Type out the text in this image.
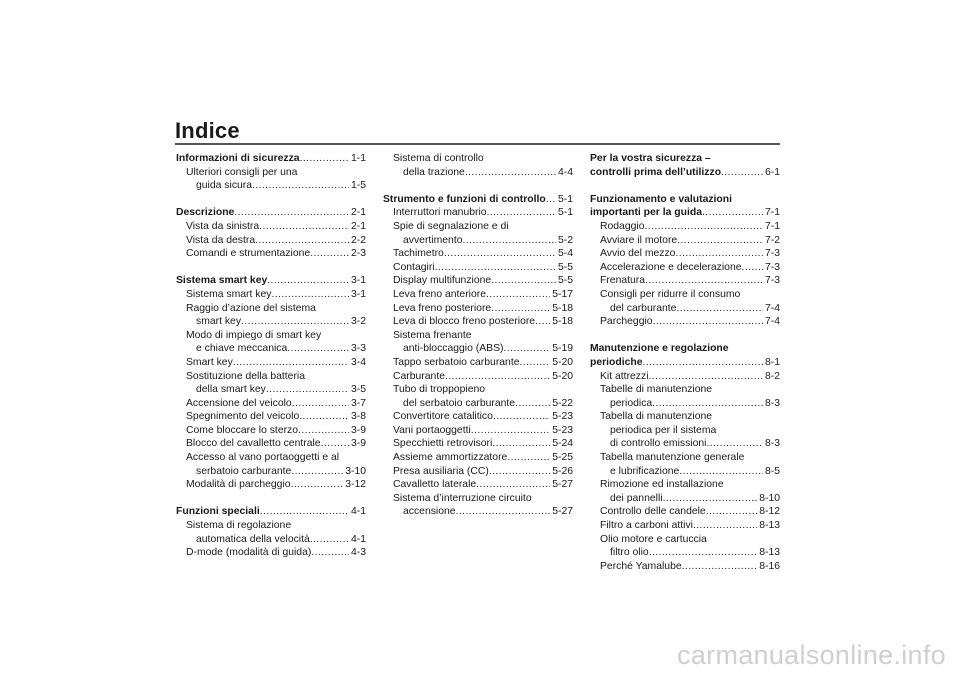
Indice
Informazioni di sicurezza .....	1-1
Ulteriori consigli per una
guida sicura .....	1-5
Descrizione .....	2-1
Vista da sinistra .....	2-1
Vista da destra .....	2-2
Comandi e strumentazione .....	2-3
Sistema smart key .....	3-1
Sistema smart key .....	3-1
Raggio d’azione del sistema
smart key .....	3-2
Modo di impiego di smart key
e chiave meccanica .....	3-3
Smart key .....	3-4
Sostituzione della batteria
della smart key .....	3-5
Accensione del veicolo .....	3-7
Spegnimento del veicolo .....	3-8
Come bloccare lo sterzo .....	3-9
Blocco del cavalletto centrale .....	3-9
Accesso al vano portaoggetti e al
serbatoio carburante .....	3-10
Modalità di parcheggio .....	3-12
Funzioni speciali .....	4-1
Sistema di regolazione
automatica della velocità .....	4-1
D-mode (modalità di guida) .....	4-3
Sistema di controllo
della trazione .....	4-4
Strumento e funzioni di controllo ..... 5-1
Interruttori manubrio .....	5-1
Spie di segnalazione e di
avvertimento .....	5-2
Tachimetro .....	5-4
Contagiri .....	5-5
Display multifunzione .....	5-5
Leva freno anteriore .....	5-17
Leva freno posteriore .....	5-18
Leva di blocco freno posteriore ..... 5-18
Sistema frenante
anti-bloccaggio (ABS) .....	5-19
Tappo serbatoio carburante .....	5-20
Carburante .....	5-20
Tubo di troppopieno
del serbatoio carburante .....	5-22
Convertitore catalitico .....	5-23
Vani portaoggetti .....	5-23
Specchietti retrovisori .....	5-24
Assieme ammortizzatore .....	5-25
Presa ausiliaria (CC) .....	5-26
Cavalletto laterale .....	5-27
Sistema d’interruzione circuito
accensione .....	5-27
Per la vostra sicurezza –
controlli prima dell’utilizzo .....	6-1
Funzionamento e valutazioni
importanti per la guida .....	7-1
Rodaggio .....	7-1
Avviare il motore .....	7-2
Avvio del mezzo .....	7-3
Accelerazione e decelerazione ..... 7-3
Frenatura .....	7-3
Consigli per ridurre il consumo
del carburante .....	7-4
Parcheggio .....	7-4
Manutenzione e regolazione
periodiche .....	8-1
Kit attrezzi .....	8-2
Tabelle di manutenzione
periodica .....	8-3
Tabella di manutenzione
periodica per il sistema
di controllo emissioni .....	8-3
Tabella manutenzione generale
e lubrificazione .....	8-5
Rimozione ed installazione
dei pannelli .....	8-10
Controllo delle candele .....	8-12
Filtro a carboni attivi .....	8-13
Olio motore e cartuccia
filtro olio .....	8-13
Perché Yamalube .....	8-16
carmanualsonline.info
